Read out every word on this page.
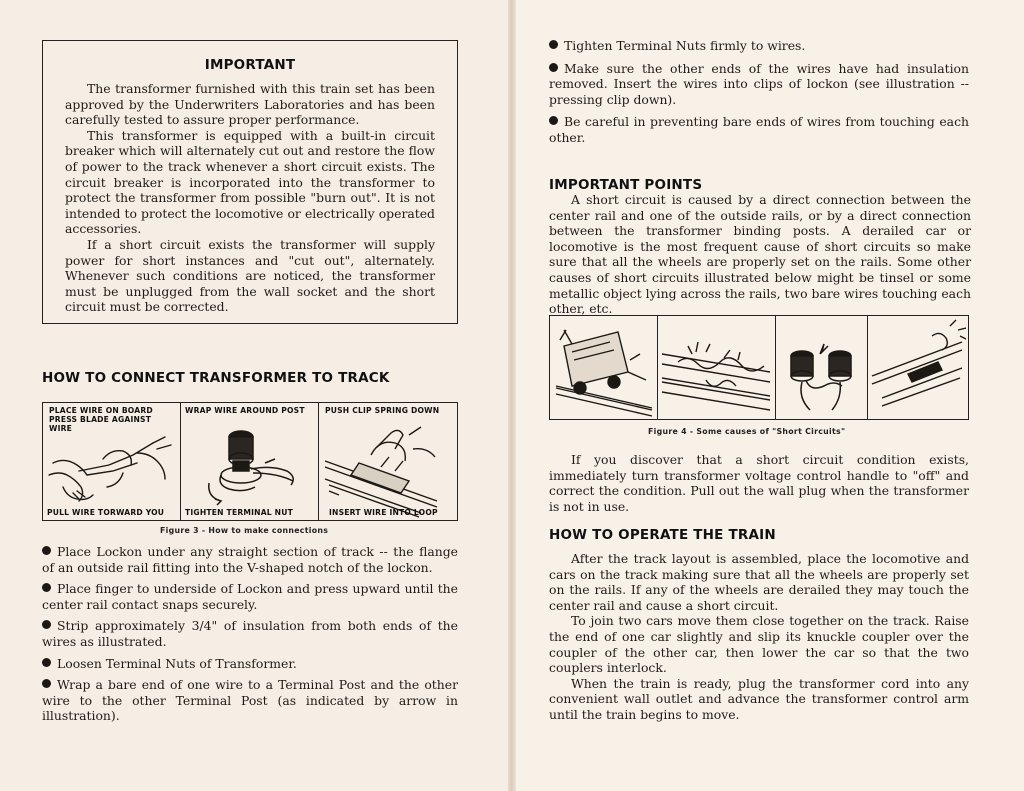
IMPORTANT

The transformer furnished with this train set has been approved by the Underwriters Laboratories and has been carefully tested to assure proper performance.

This transformer is equipped with a built-in circuit breaker which will alternately cut out and restore the flow of power to the track whenever a short circuit exists. The circuit breaker is incorporated into the transformer to protect the transformer from possible "burn out". It is not intended to protect the locomotive or electrically operated accessories.

If a short circuit exists the transformer will supply power for short instances and "cut out", alternately. Whenever such conditions are noticed, the transformer must be unplugged from the wall socket and the short circuit must be corrected.

HOW TO CONNECT TRANSFORMER TO TRACK
PLACE WIRE ON BOARD PRESS BLADE AGAINST WIRE
PULL WIRE TORWARD YOU
WRAP WIRE AROUND POST
TIGHTEN TERMINAL NUT
PUSH CLIP SPRING DOWN
INSERT WIRE INTO LOOP
Figure 3 - How to make connections
Place Lockon under any straight section of track -- the flange of an outside rail fitting into the V-shaped notch of the lockon.
Place finger to underside of Lockon and press upward until the center rail contact snaps securely.
Strip approximately 3/4" of insulation from both ends of the wires as illustrated.
Loosen Terminal Nuts of Transformer.
Wrap a bare end of one wire to a Terminal Post and the other wire to the other Terminal Post (as indicated by arrow in illustration).
Tighten Terminal Nuts firmly to wires.
Make sure the other ends of the wires have had insulation removed. Insert the wires into clips of lockon (see illustration -- pressing clip down).
Be careful in preventing bare ends of wires from touching each other.
IMPORTANT POINTS

A short circuit is caused by a direct connection between the center rail and one of the outside rails, or by a direct connection between the transformer binding posts. A derailed car or locomotive is the most frequent cause of short circuits so make sure that all the wheels are properly set on the rails. Some other causes of short circuits illustrated below might be tinsel or some metallic object lying across the rails, two bare wires touching each other, etc.

Figure 4 - Some causes of "Short Circuits"

If you discover that a short circuit condition exists, immediately turn transformer voltage control handle to "off" and correct the condition. Pull out the wall plug when the transformer is not in use.

HOW TO OPERATE THE TRAIN

After the track layout is assembled, place the locomotive and cars on the track making sure that all the wheels are properly set on the rails. If any of the wheels are derailed they may touch the center rail and cause a short circuit.

To join two cars move them close together on the track. Raise the end of one car slightly and slip its knuckle coupler over the coupler of the other car, then lower the car so that the two couplers interlock.

When the train is ready, plug the transformer cord into any convenient wall outlet and advance the transformer control arm until the train begins to move.
